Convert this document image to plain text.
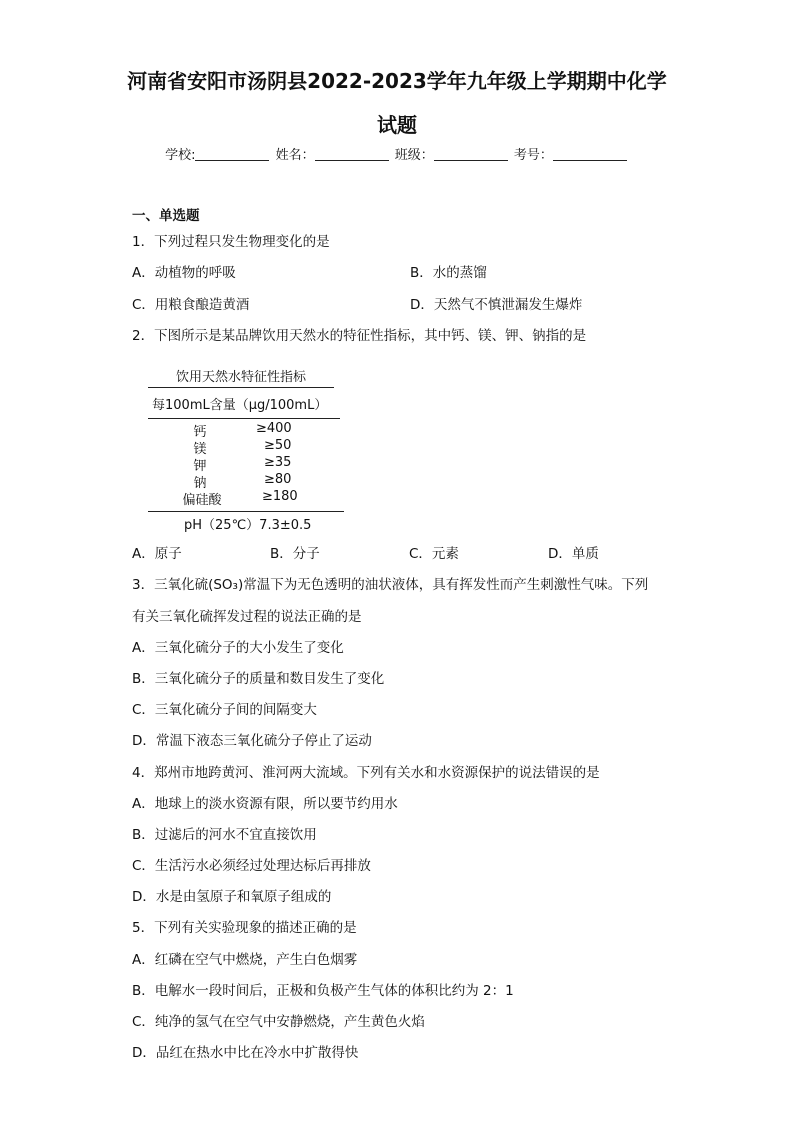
河南省安阳市汤阴县2022-2023学年九年级上学期期中化学
试题
学校:	姓名：	班级：	考号：
一、单选题
1．下列过程只发生物理变化的是
A．动植物的呼吸	B．水的蒸馏
C．用粮食酿造黄酒	D．天然气不慎泄漏发生爆炸
2．下图所示是某品牌饮用天然水的特征性指标，其中钙、镁、钾、钠指的是
饮用天然水特征性指标
每100mL含量（μg/100mL）
钙	≥400
镁	≥50
钾	≥35
钠	≥80
偏硅酸	≥180
pH（25℃）7.3±0.5
A．原子	B．分子	C．元素	D．单质
3．三氧化硫(SO₃)常温下为无色透明的油状液体，具有挥发性而产生刺激性气味。下列
有关三氧化硫挥发过程的说法正确的是
A．三氧化硫分子的大小发生了变化
B．三氧化硫分子的质量和数目发生了变化
C．三氧化硫分子间的间隔变大
D．常温下液态三氧化硫分子停止了运动
4．郑州市地跨黄河、淮河两大流域。下列有关水和水资源保护的说法错误的是
A．地球上的淡水资源有限，所以要节约用水
B．过滤后的河水不宜直接饮用
C．生活污水必须经过处理达标后再排放
D．水是由氢原子和氧原子组成的
5．下列有关实验现象的描述正确的是
A．红磷在空气中燃烧，产生白色烟雾
B．电解水一段时间后，正极和负极产生气体的体积比约为 2：1
C．纯净的氢气在空气中安静燃烧，产生黄色火焰
D．品红在热水中比在冷水中扩散得快
